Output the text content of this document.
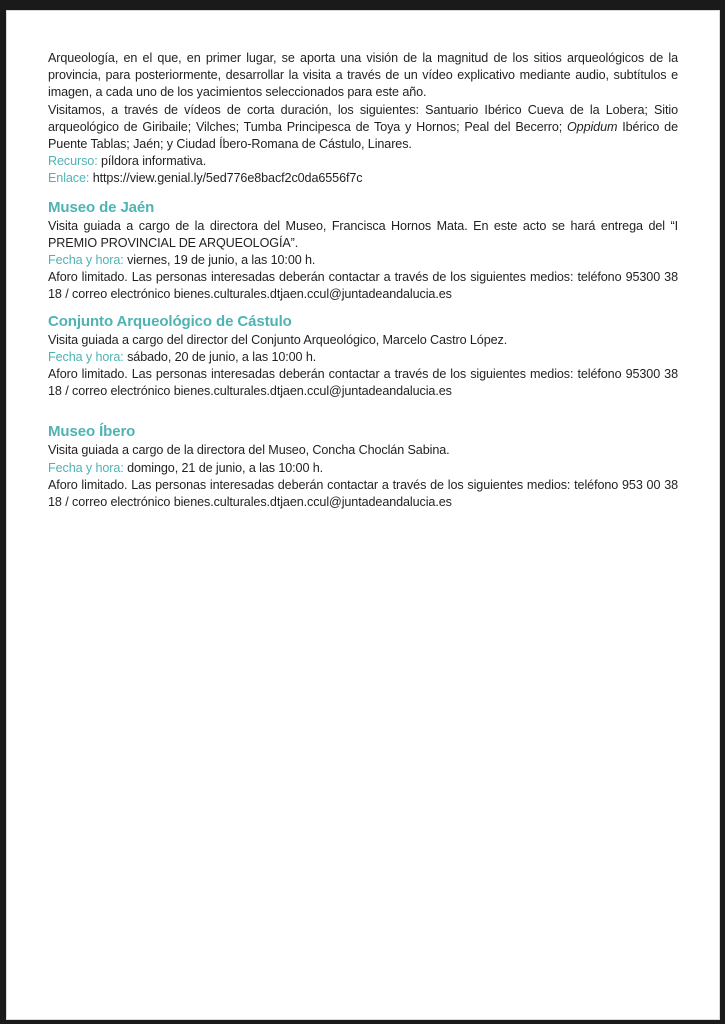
Arqueología, en el que, en primer lugar, se aporta una visión de la magnitud de los sitios arqueológicos de la provincia, para posteriormente, desarrollar la visita a través de un vídeo explicativo mediante audio, subtítulos e imagen, a cada uno de los yacimientos seleccionados para este año.

Visitamos, a través de vídeos de corta duración, los siguientes: Santuario Ibérico Cueva de la Lobera; Sitio arqueológico de Giribaile; Vilches; Tumba Principesca de Toya y Hornos; Peal del Becerro; Oppidum Ibérico de Puente Tablas; Jaén; y Ciudad Íbero-Romana de Cástulo, Linares.

Recurso: píldora informativa.

Enlace: https://view.genial.ly/5ed776e8bacf2c0da6556f7c

Museo de Jaén

Visita guiada a cargo de la directora del Museo, Francisca Hornos Mata. En este acto se hará entrega del “I PREMIO PROVINCIAL DE ARQUEOLOGÍA”.

Fecha y hora: viernes, 19 de junio, a las 10:00 h.

Aforo limitado. Las personas interesadas deberán contactar a través de los siguientes medios: teléfono 95300 38 18 / correo electrónico bienes.culturales.dtjaen.ccul@juntadeandalucia.es

Conjunto Arqueológico de Cástulo

Visita guiada a cargo del director del Conjunto Arqueológico, Marcelo Castro López.

Fecha y hora: sábado, 20 de junio, a las 10:00 h.

Aforo limitado. Las personas interesadas deberán contactar a través de los siguientes medios: teléfono 95300 38 18 / correo electrónico bienes.culturales.dtjaen.ccul@juntadeandalucia.es

Museo Íbero

Visita guiada a cargo de la directora del Museo, Concha Choclán Sabina.

Fecha y hora: domingo, 21 de junio, a las 10:00 h.

Aforo limitado. Las personas interesadas deberán contactar a través de los siguientes medios: teléfono 953 00 38 18 / correo electrónico bienes.culturales.dtjaen.ccul@juntadeandalucia.es
